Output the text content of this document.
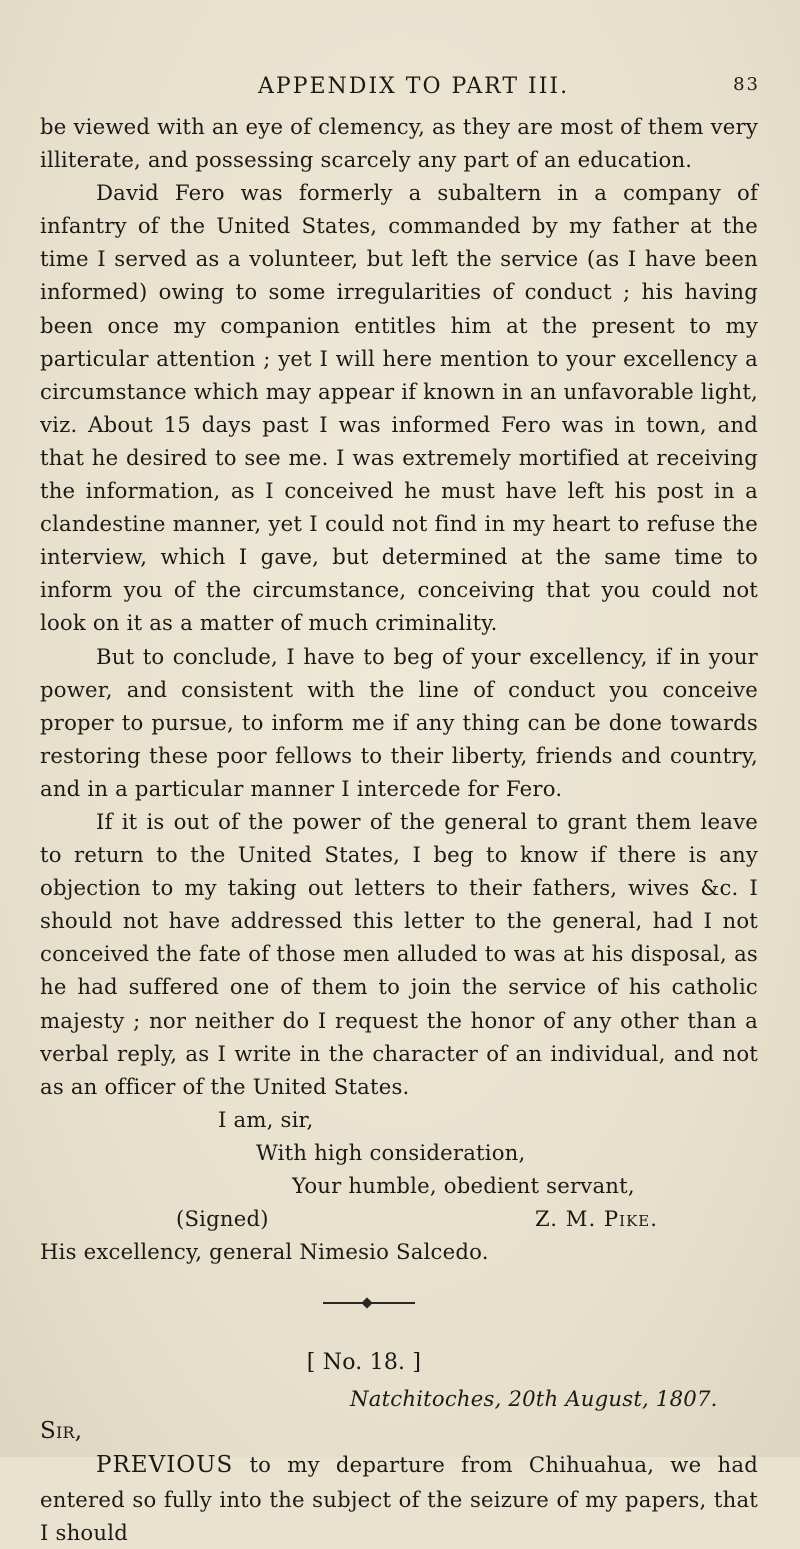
APPENDIX TO PART III.	83

be viewed with an eye of clemency, as they are most of them very illiterate, and possessing scarcely any part of an education.

David Fero was formerly a subaltern in a company of infantry of the United States, commanded by my father at the time I served as a volunteer, but left the service (as I have been informed) owing to some irregularities of conduct ; his having been once my companion entitles him at the present to my particular attention ; yet I will here mention to your excellency a circumstance which may appear if known in an unfavorable light, viz. About 15 days past I was informed Fero was in town, and that he desired to see me. I was extremely mortified at receiving the information, as I conceived he must have left his post in a clandestine manner, yet I could not find in my heart to refuse the interview, which I gave, but determined at the same time to inform you of the circumstance, conceiving that you could not look on it as a matter of much criminality.

But to conclude, I have to beg of your excellency, if in your power, and consistent with the line of conduct you conceive proper to pursue, to inform me if any thing can be done towards restoring these poor fellows to their liberty, friends and country, and in a particular manner I intercede for Fero.

If it is out of the power of the general to grant them leave to return to the United States, I beg to know if there is any objection to my taking out letters to their fathers, wives &c. I should not have addressed this letter to the general, had I not conceived the fate of those men alluded to was at his disposal, as he had suffered one of them to join the service of his catholic majesty ; nor neither do I request the honor of any other than a verbal reply, as I write in the character of an individual, and not as an officer of the United States.

I am, sir,
With high consideration,
Your humble, obedient servant,
(Signed)	Z. M. Pike.
His excellency, general Nimesio Salcedo.
[ No. 18. ]
Natchitoches, 20th August, 1807.
Sir,

PREVIOUS to my departure from Chihuahua, we had entered so fully into the subject of the seizure of my papers, that I should
